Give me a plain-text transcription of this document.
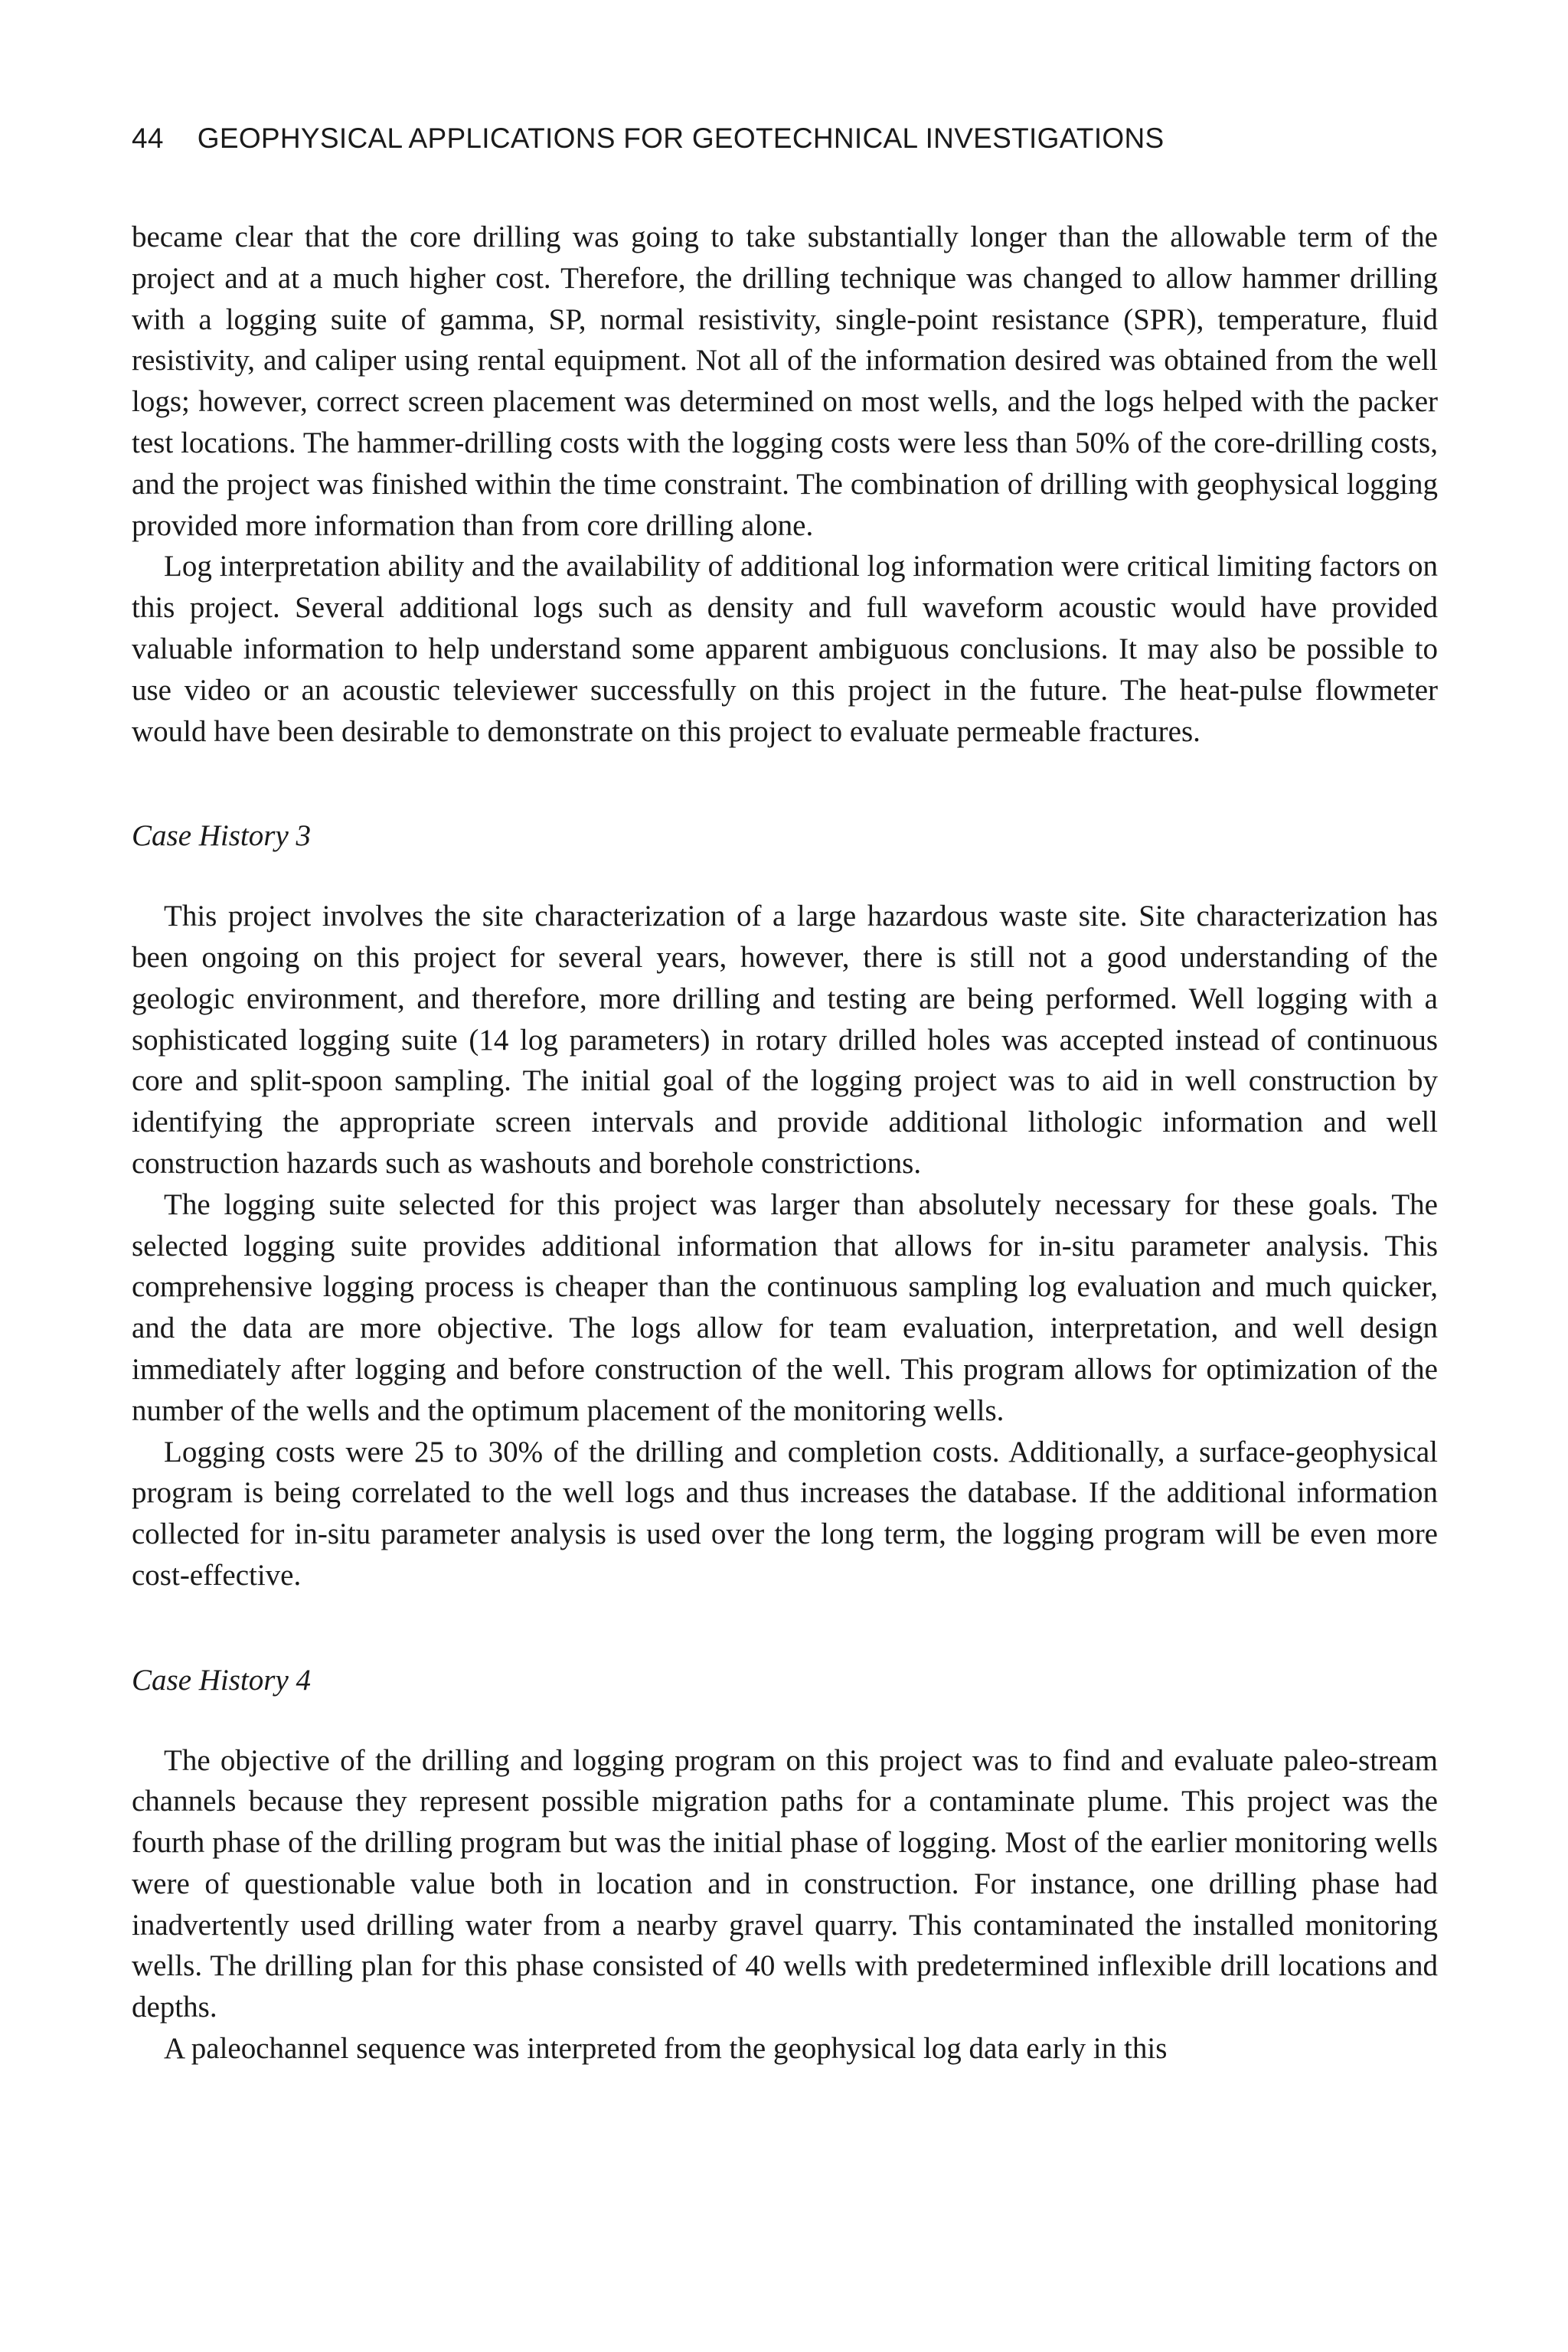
44 GEOPHYSICAL APPLICATIONS FOR GEOTECHNICAL INVESTIGATIONS

became clear that the core drilling was going to take substantially longer than the allowable term of the project and at a much higher cost. Therefore, the drilling technique was changed to allow hammer drilling with a logging suite of gamma, SP, normal resistivity, single-point resistance (SPR), temperature, fluid resistivity, and caliper using rental equipment. Not all of the information desired was obtained from the well logs; however, correct screen placement was determined on most wells, and the logs helped with the packer test locations. The hammer-drilling costs with the logging costs were less than 50% of the core-drilling costs, and the project was finished within the time constraint. The combination of drilling with geophysical logging provided more information than from core drilling alone.

Log interpretation ability and the availability of additional log information were critical limiting factors on this project. Several additional logs such as density and full waveform acoustic would have provided valuable information to help understand some apparent ambiguous conclusions. It may also be possible to use video or an acoustic televiewer successfully on this project in the future. The heat-pulse flowmeter would have been desirable to demonstrate on this project to evaluate permeable fractures.

Case History 3

This project involves the site characterization of a large hazardous waste site. Site characterization has been ongoing on this project for several years, however, there is still not a good understanding of the geologic environment, and therefore, more drilling and testing are being performed. Well logging with a sophisticated logging suite (14 log parameters) in rotary drilled holes was accepted instead of continuous core and split-spoon sampling. The initial goal of the logging project was to aid in well construction by identifying the appropriate screen intervals and provide additional lithologic information and well construction hazards such as washouts and borehole constrictions.

The logging suite selected for this project was larger than absolutely necessary for these goals. The selected logging suite provides additional information that allows for in-situ parameter analysis. This comprehensive logging process is cheaper than the continuous sampling log evaluation and much quicker, and the data are more objective. The logs allow for team evaluation, interpretation, and well design immediately after logging and before construction of the well. This program allows for optimization of the number of the wells and the optimum placement of the monitoring wells.

Logging costs were 25 to 30% of the drilling and completion costs. Additionally, a surface-geophysical program is being correlated to the well logs and thus increases the database. If the additional information collected for in-situ parameter analysis is used over the long term, the logging program will be even more cost-effective.

Case History 4

The objective of the drilling and logging program on this project was to find and evaluate paleo-stream channels because they represent possible migration paths for a contaminate plume. This project was the fourth phase of the drilling program but was the initial phase of logging. Most of the earlier monitoring wells were of questionable value both in location and in construction. For instance, one drilling phase had inadvertently used drilling water from a nearby gravel quarry. This contaminated the installed monitoring wells. The drilling plan for this phase consisted of 40 wells with predetermined inflexible drill locations and depths.

A paleochannel sequence was interpreted from the geophysical log data early in this
